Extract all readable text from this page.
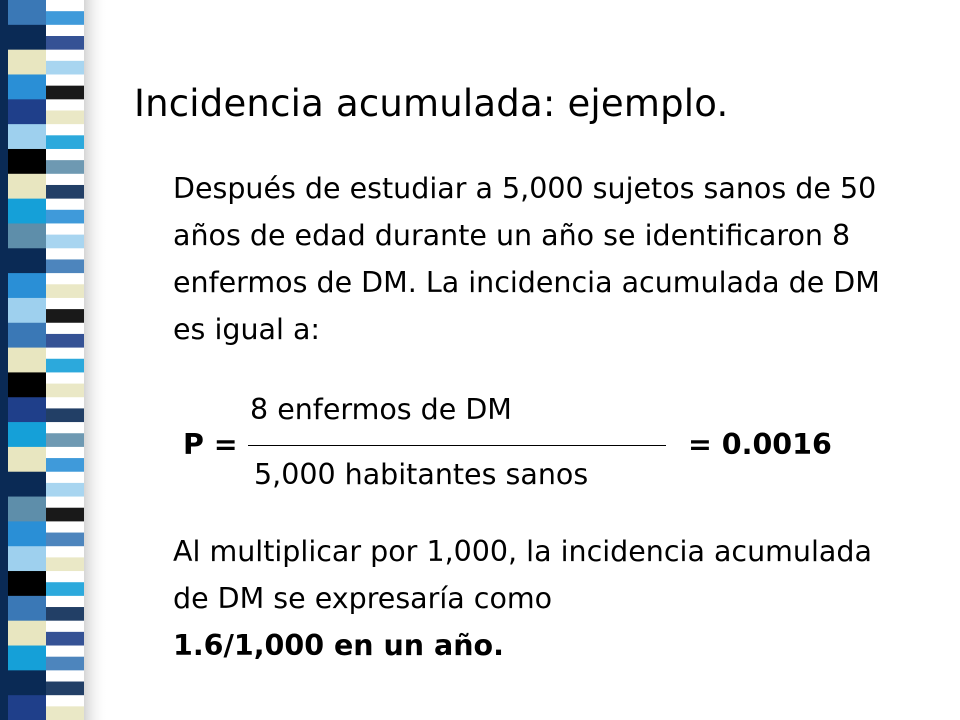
Incidencia acumulada: ejemplo.
Después de estudiar a 5,000 sujetos sanos de 50 años de edad durante un año se identificaron 8 enfermos de DM. La incidencia acumulada de DM es igual a:
P =
8 enfermos de DM
5,000 habitantes sanos
= 0.0016
Al multiplicar por 1,000, la incidencia acumulada de DM se expresaría como
1.6/1,000 en un año.
